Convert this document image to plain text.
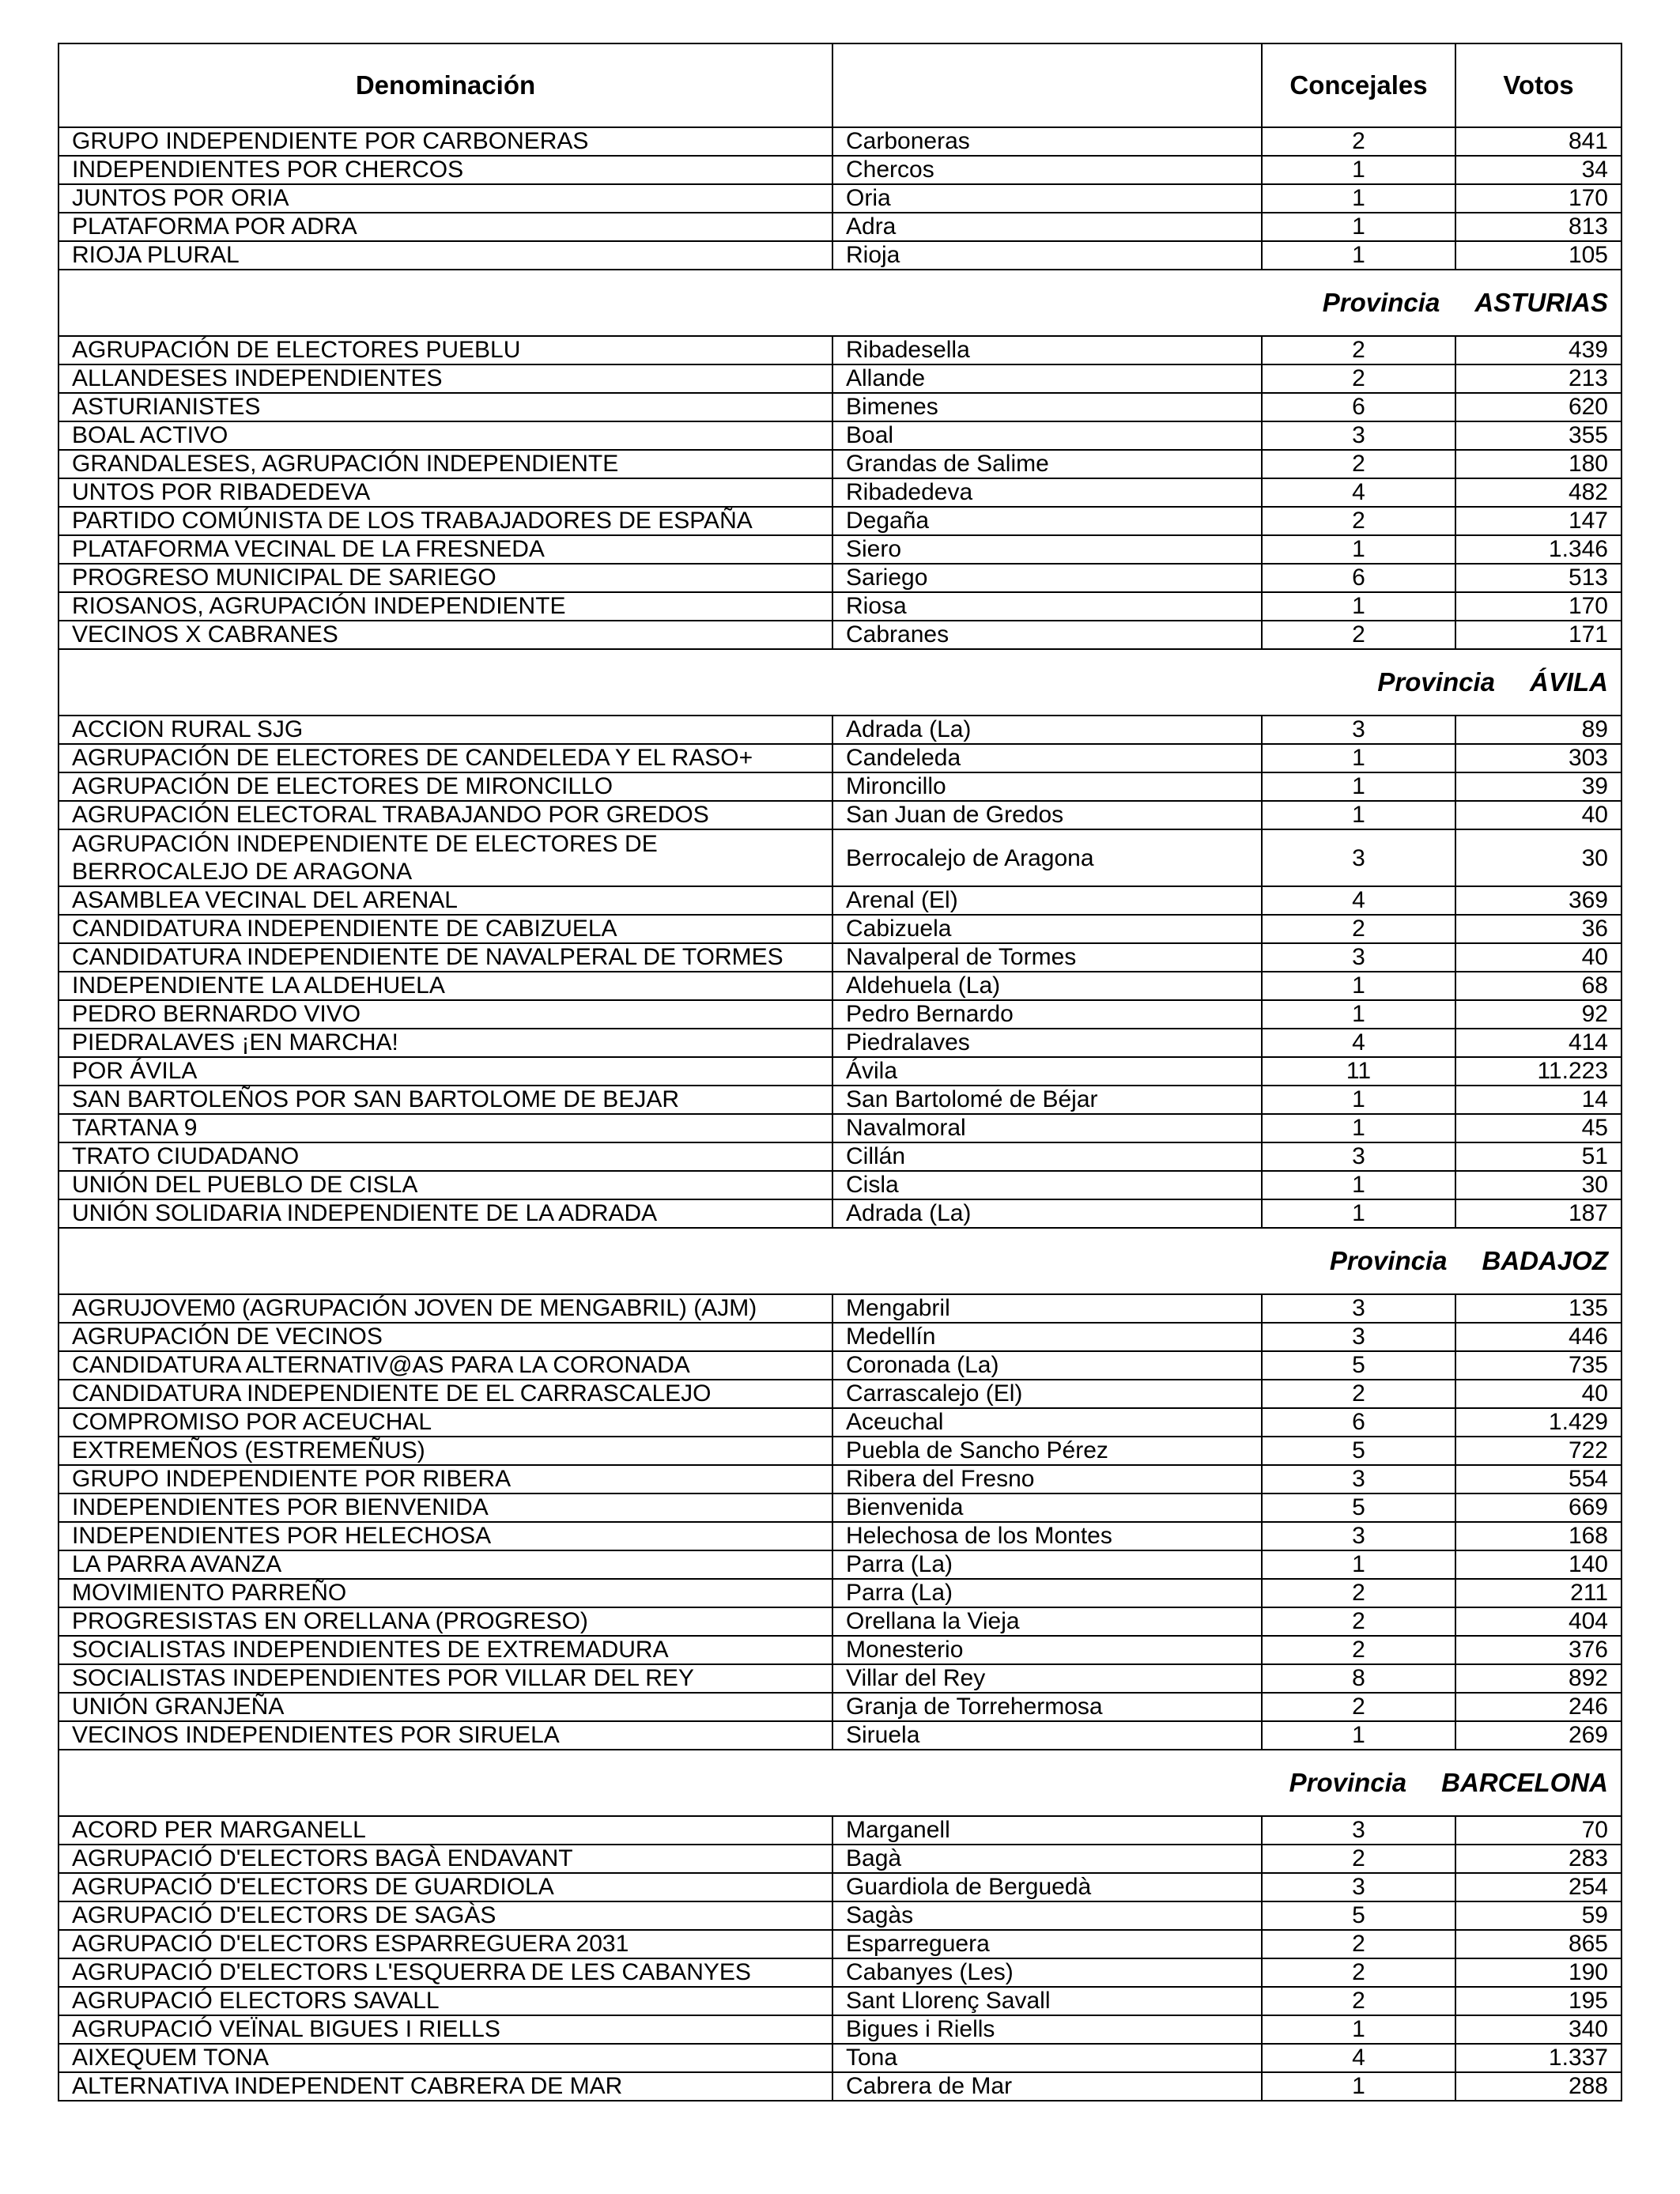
Denominación		Concejales	Votos
GRUPO INDEPENDIENTE POR CARBONERAS	Carboneras	2	841
INDEPENDIENTES POR CHERCOS	Chercos	1	34
JUNTOS POR ORIA	Oria	1	170
PLATAFORMA POR ADRA	Adra	1	813
RIOJA PLURAL	Rioja	1	105
Provincia ASTURIAS			
AGRUPACIÓN DE ELECTORES PUEBLU	Ribadesella	2	439
ALLANDESES INDEPENDIENTES	Allande	2	213
ASTURIANISTES	Bimenes	6	620
BOAL ACTIVO	Boal	3	355
GRANDALESES, AGRUPACIÓN INDEPENDIENTE	Grandas de Salime	2	180
UNTOS POR RIBADEDEVA	Ribadedeva	4	482
PARTIDO COMÚNISTA DE LOS TRABAJADORES DE ESPAÑA	Degaña	2	147
PLATAFORMA VECINAL DE LA FRESNEDA	Siero	1	1.346
PROGRESO MUNICIPAL DE SARIEGO	Sariego	6	513
RIOSANOS, AGRUPACIÓN INDEPENDIENTE	Riosa	1	170
VECINOS X CABRANES	Cabranes	2	171
Provincia ÁVILA			
ACCION RURAL SJG	Adrada (La)	3	89
AGRUPACIÓN DE ELECTORES DE CANDELEDA Y EL RASO+	Candeleda	1	303
AGRUPACIÓN DE ELECTORES DE MIRONCILLO	Mironcillo	1	39
AGRUPACIÓN ELECTORAL TRABAJANDO POR GREDOS	San Juan de Gredos	1	40
AGRUPACIÓN INDEPENDIENTE DE ELECTORES DE BERROCALEJO DE ARAGONA	Berrocalejo de Aragona	3	30
ASAMBLEA VECINAL DEL ARENAL	Arenal (El)	4	369
CANDIDATURA INDEPENDIENTE DE CABIZUELA	Cabizuela	2	36
CANDIDATURA INDEPENDIENTE DE NAVALPERAL DE TORMES	Navalperal de Tormes	3	40
INDEPENDIENTE LA ALDEHUELA	Aldehuela (La)	1	68
PEDRO BERNARDO VIVO	Pedro Bernardo	1	92
PIEDRALAVES ¡EN MARCHA!	Piedralaves	4	414
POR ÁVILA	Ávila	11	11.223
SAN BARTOLEÑOS POR SAN BARTOLOME DE BEJAR	San Bartolomé de Béjar	1	14
TARTANA 9	Navalmoral	1	45
TRATO CIUDADANO	Cillán	3	51
UNIÓN DEL PUEBLO DE CISLA	Cisla	1	30
UNIÓN SOLIDARIA INDEPENDIENTE DE LA ADRADA	Adrada (La)	1	187
Provincia BADAJOZ			
AGRUJOVEM0 (AGRUPACIÓN JOVEN DE MENGABRIL) (AJM)	Mengabril	3	135
AGRUPACIÓN DE VECINOS	Medellín	3	446
CANDIDATURA ALTERNATIV@AS PARA LA CORONADA	Coronada (La)	5	735
CANDIDATURA INDEPENDIENTE DE EL CARRASCALEJO	Carrascalejo (El)	2	40
COMPROMISO POR ACEUCHAL	Aceuchal	6	1.429
EXTREMEÑOS (ESTREMEÑUS)	Puebla de Sancho Pérez	5	722
GRUPO INDEPENDIENTE POR RIBERA	Ribera del Fresno	3	554
INDEPENDIENTES POR BIENVENIDA	Bienvenida	5	669
INDEPENDIENTES POR HELECHOSA	Helechosa de los Montes	3	168
LA PARRA AVANZA	Parra (La)	1	140
MOVIMIENTO PARREÑO	Parra (La)	2	211
PROGRESISTAS EN ORELLANA (PROGRESO)	Orellana la Vieja	2	404
SOCIALISTAS INDEPENDIENTES DE EXTREMADURA	Monesterio	2	376
SOCIALISTAS INDEPENDIENTES POR VILLAR DEL REY	Villar del Rey	8	892
UNIÓN GRANJEÑA	Granja de Torrehermosa	2	246
VECINOS INDEPENDIENTES POR SIRUELA	Siruela	1	269
Provincia BARCELONA			
ACORD PER MARGANELL	Marganell	3	70
AGRUPACIÓ D'ELECTORS BAGÀ ENDAVANT	Bagà	2	283
AGRUPACIÓ D'ELECTORS DE GUARDIOLA	Guardiola de Berguedà	3	254
AGRUPACIÓ D'ELECTORS DE SAGÀS	Sagàs	5	59
AGRUPACIÓ D'ELECTORS ESPARREGUERA 2031	Esparreguera	2	865
AGRUPACIÓ D'ELECTORS L'ESQUERRA DE LES CABANYES	Cabanyes (Les)	2	190
AGRUPACIÓ ELECTORS SAVALL	Sant Llorenç Savall	2	195
AGRUPACIÓ VEÏNAL BIGUES I RIELLS	Bigues i Riells	1	340
AIXEQUEM TONA	Tona	4	1.337
ALTERNATIVA INDEPENDENT CABRERA DE MAR	Cabrera de Mar	1	288
